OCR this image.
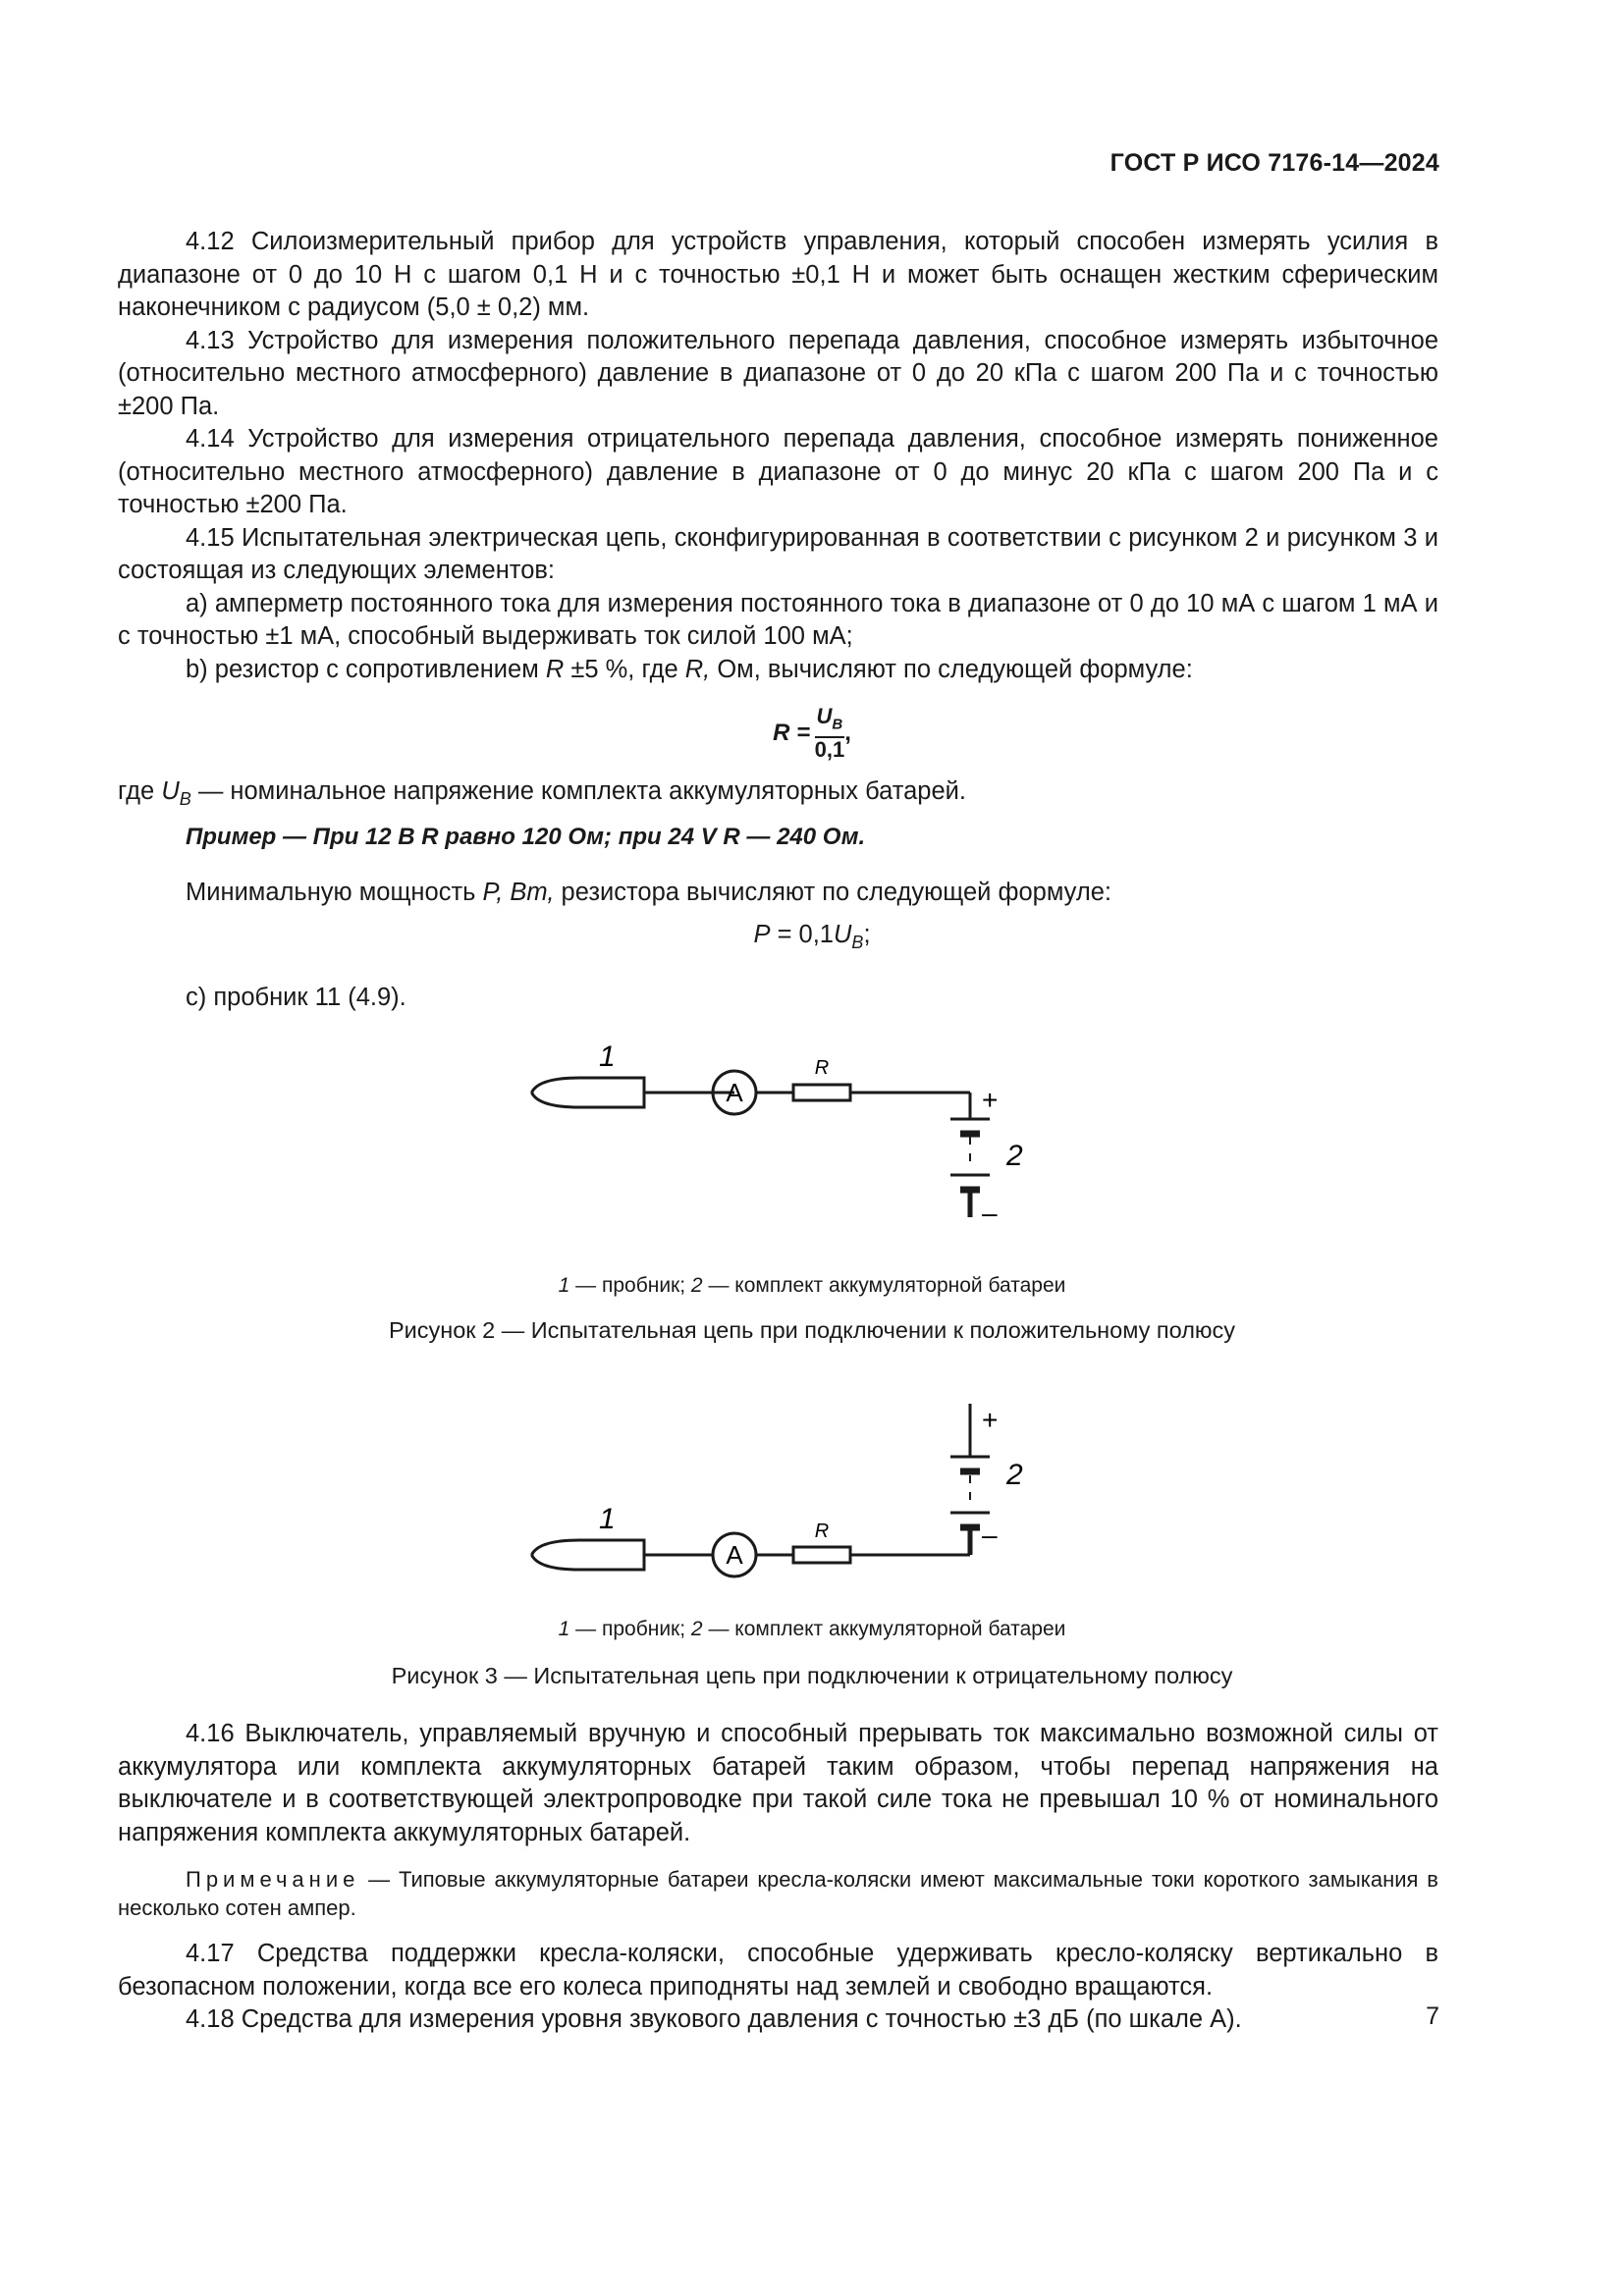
ГОСТ Р ИСО 7176-14—2024

4.12 Силоизмерительный прибор для устройств управления, который способен измерять усилия в диапазоне от 0 до 10 Н с шагом 0,1 Н и с точностью ±0,1 Н и может быть оснащен жестким сферическим наконечником с радиусом (5,0 ± 0,2) мм.

4.13 Устройство для измерения положительного перепада давления, способное измерять избыточное (относительно местного атмосферного) давление в диапазоне от 0 до 20 кПа с шагом 200 Па и с точностью ±200 Па.

4.14 Устройство для измерения отрицательного перепада давления, способное измерять пониженное (относительно местного атмосферного) давление в диапазоне от 0 до минус 20 кПа с шагом 200 Па и с точностью ±200 Па.

4.15 Испытательная электрическая цепь, сконфигурированная в соответствии с рисунком 2 и рисунком 3 и состоящая из следующих элементов:

a) амперметр постоянного тока для измерения постоянного тока в диапазоне от 0 до 10 мА с шагом 1 мА и с точностью ±1 мА, способный выдерживать ток силой 100 мА;

b) резистор с сопротивлением R ±5 %, где R, Ом, вычисляют по следующей формуле:

$R = \frac{U_B}{0,1}$ ,

где $U_B$ — номинальное напряжение комплекта аккумуляторных батарей.

Пример — При 12 В R равно 120 Ом; при 24 V R — 240 Ом.

Минимальную мощность P, Вт, резистора вычисляют по следующей формуле:

$P = 0,1U_B$;

c) пробник 11 (4.9).

1
A
R
+
2
–
1 — пробник; 2 — комплект аккумуляторной батареи
Рисунок 2 — Испытательная цепь при подключении к положительному полюсу
1
A
R
+
2
–
1 — пробник; 2 — комплект аккумуляторной батареи
Рисунок 3 — Испытательная цепь при подключении к отрицательному полюсу

4.16 Выключатель, управляемый вручную и способный прерывать ток максимально возможной силы от аккумулятора или комплекта аккумуляторных батарей таким образом, чтобы перепад напряжения на выключателе и в соответствующей электропроводке при такой силе тока не превышал 10 % от номинального напряжения комплекта аккумуляторных батарей.

Примечание — Типовые аккумуляторные батареи кресла-коляски имеют максимальные токи короткого замыкания в несколько сотен ампер.

4.17 Средства поддержки кресла-коляски, способные удерживать кресло-коляску вертикально в безопасном положении, когда все его колеса приподняты над землей и свободно вращаются.

4.18 Средства для измерения уровня звукового давления с точностью ±3 дБ (по шкале A).	7
